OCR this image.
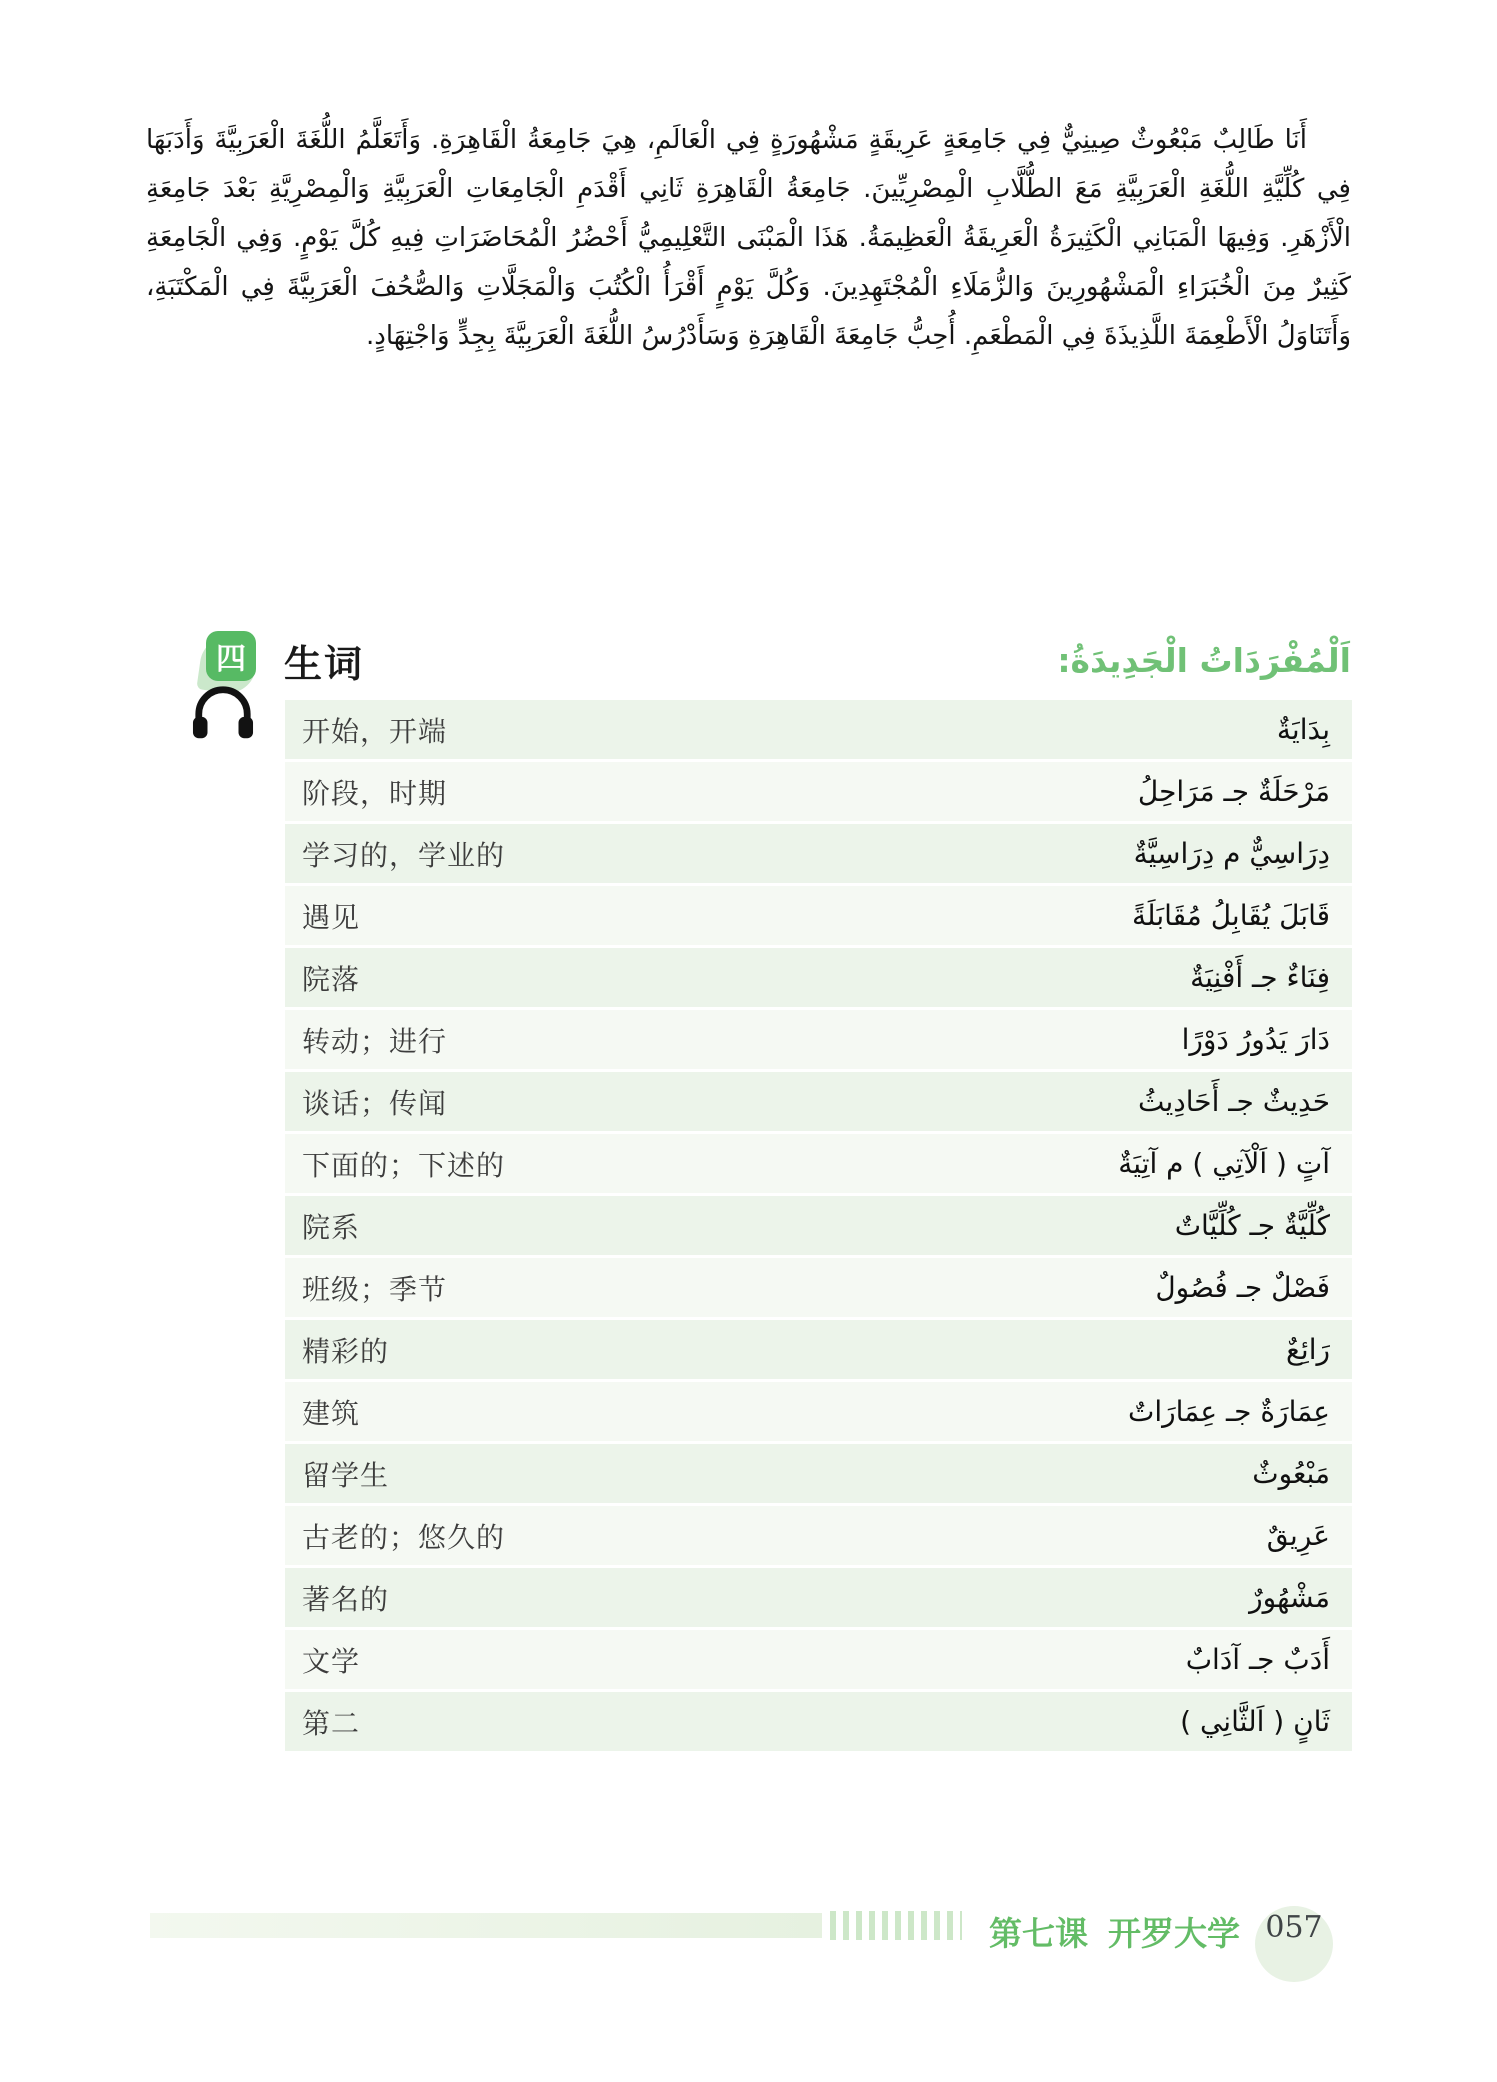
أَنَا طَالِبٌ مَبْعُوثٌ صِينِيٌّ فِي جَامِعَةٍ عَرِيقَةٍ مَشْهُورَةٍ فِي الْعَالَمِ، هِيَ جَامِعَةُ الْقَاهِرَةِ. وَأَتَعَلَّمُ اللُّغَةَ الْعَرَبِيَّةَ وَأَدَبَهَا فِي كُلِّيَّةِ اللُّغَةِ الْعَرَبِيَّةِ مَعَ الطُّلَّابِ الْمِصْرِيِّينَ. جَامِعَةُ الْقَاهِرَةِ ثَانِي أَقْدَمِ الْجَامِعَاتِ الْعَرَبِيَّةِ وَالْمِصْرِيَّةِ بَعْدَ جَامِعَةِ الْأَزْهَرِ. وَفِيهَا الْمَبَانِي الْكَثِيرَةُ الْعَرِيقَةُ الْعَظِيمَةُ. هَذَا الْمَبْنَى التَّعْلِيمِيُّ أَحْضُرُ الْمُحَاضَرَاتِ فِيهِ كُلَّ يَوْمٍ. وَفِي الْجَامِعَةِ كَثِيرٌ مِنَ الْخُبَرَاءِ الْمَشْهُورِينَ وَالزُّمَلَاءِ الْمُجْتَهِدِينَ. وَكُلَّ يَوْمٍ أَقْرَأُ الْكُتُبَ وَالْمَجَلَّاتِ وَالصُّحُفَ الْعَرَبِيَّةَ فِي الْمَكْتَبَةِ، وَأَتَنَاوَلُ الْأَطْعِمَةَ اللَّذِيذَةَ فِي الْمَطْعَمِ. أُحِبُّ جَامِعَةَ الْقَاهِرَةِ وَسَأَدْرُسُ اللُّغَةَ الْعَرَبِيَّةَ بِجِدٍّ وَاجْتِهَادٍ.

四 生词	اَلْمُفْرَدَاتُ الْجَدِيدَةُ:
开始，开端	بِدَايَةٌ
阶段，时期	مَرْحَلَةٌ جـ مَرَاحِلُ
学习的，学业的	دِرَاسِيٌّ م دِرَاسِيَّةٌ
遇见	قَابَلَ يُقَابِلُ مُقَابَلَةً
院落	فِنَاءٌ جـ أَفْنِيَةٌ
转动；进行	دَارَ يَدُورُ دَوْرًا
谈话；传闻	حَدِيثٌ جـ أَحَادِيثُ
下面的；下述的	آتٍ ( اَلْآتِي ) م آتِيَةٌ
院系	كُلِّيَّةٌ جـ كُلِّيَّاتٌ
班级；季节	فَصْلٌ جـ فُصُولٌ
精彩的	رَائِعٌ
建筑	عِمَارَةٌ جـ عِمَارَاتٌ
留学生	مَبْعُوثٌ
古老的；悠久的	عَرِيقٌ
著名的	مَشْهُورٌ
文学	أَدَبٌ جـ آدَابٌ
第二	ثَانٍ ( اَلثَّانِي )
第七课 开罗大学 057
